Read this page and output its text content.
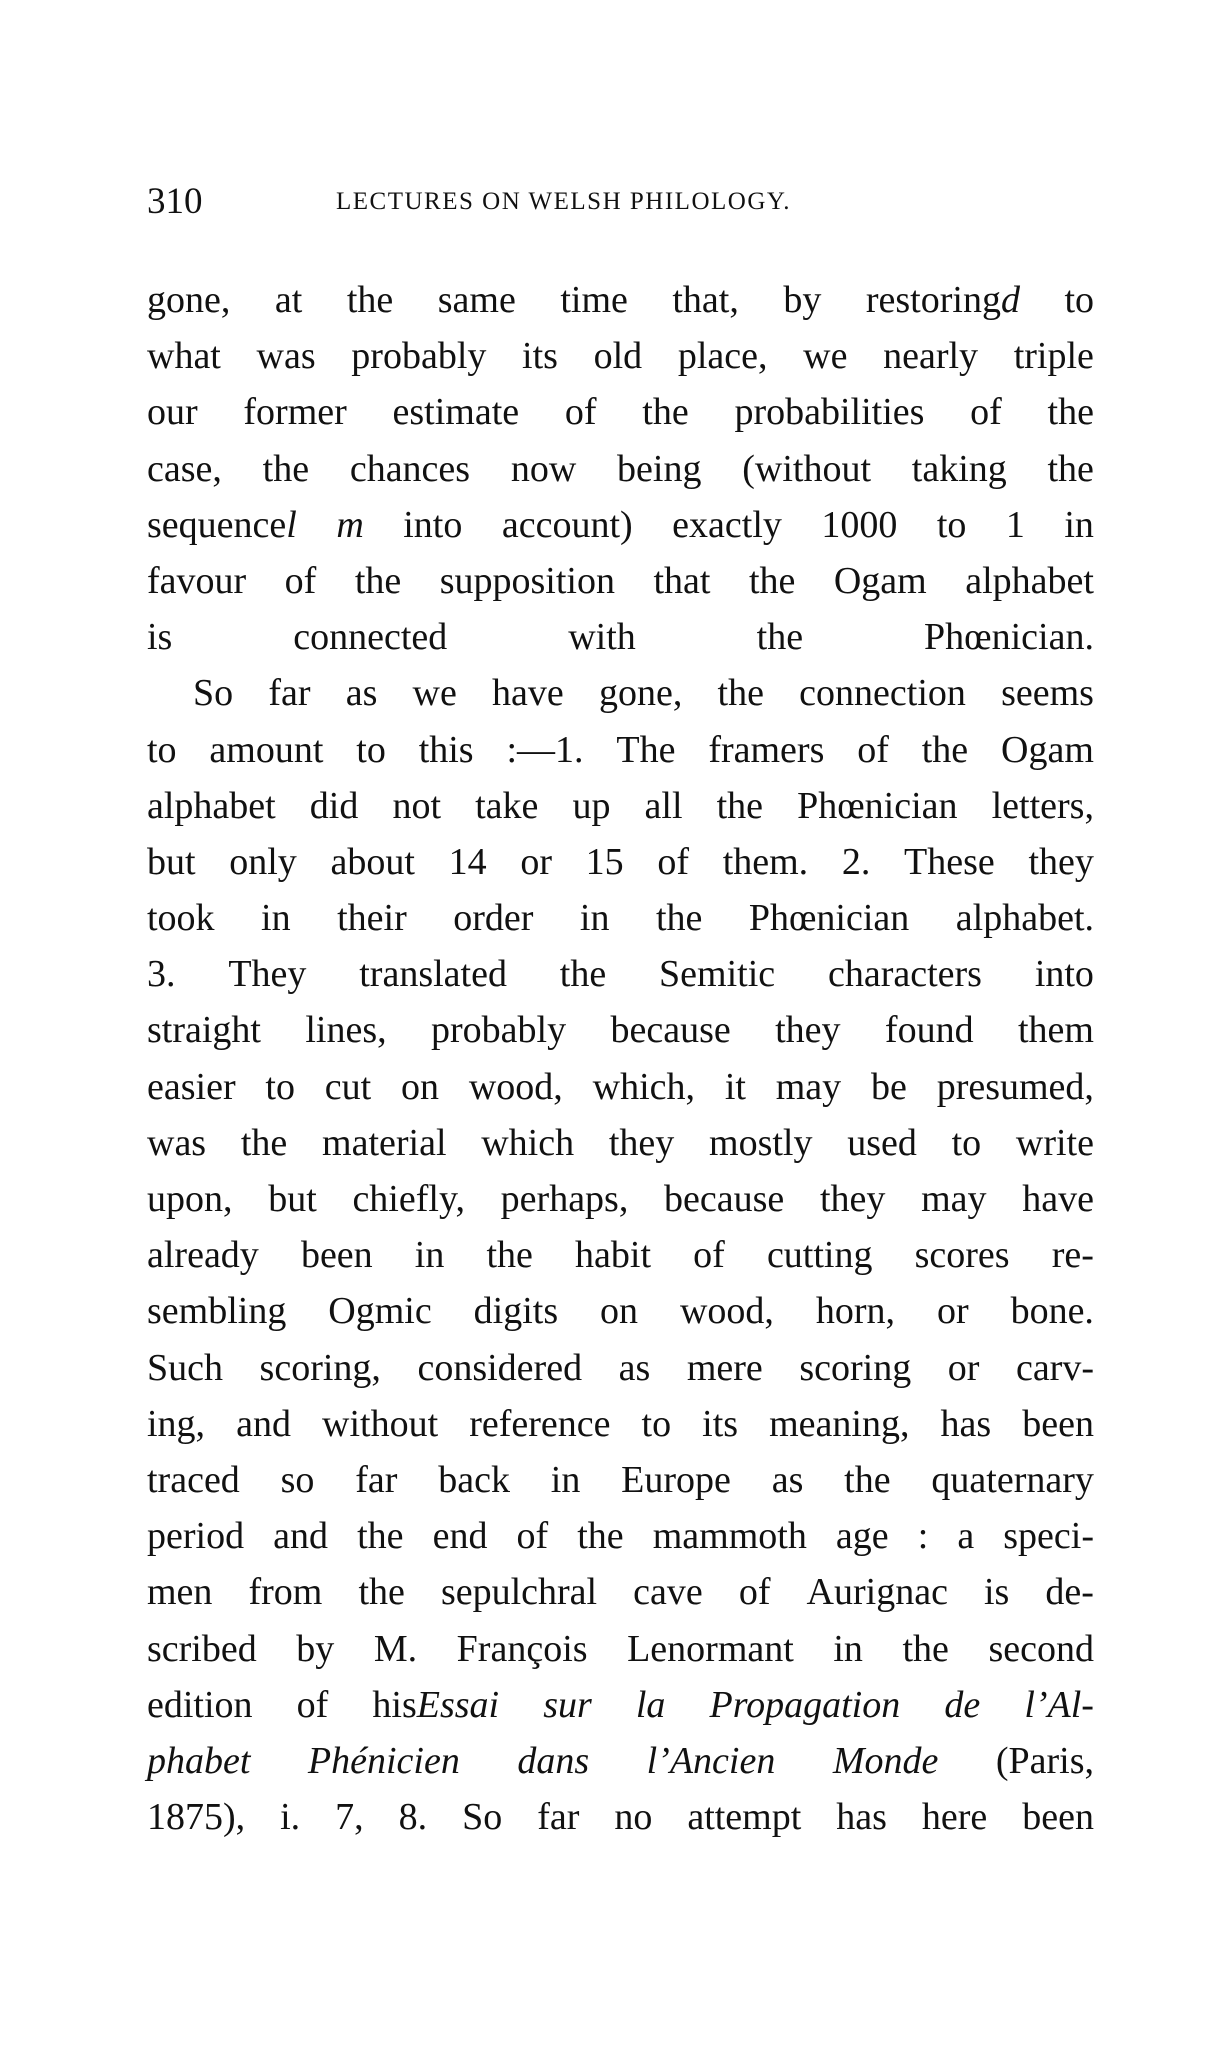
310	LECTURES ON WELSH PHILOLOGY.
gone, at the same time that, by restoringd to
what was probably its old place, we nearly triple
our former estimate of the probabilities of the
case, the chances now being (without taking the
sequencel m into account) exactly 1000 to 1 in
favour of the supposition that the Ogam alphabet
is	connected	with	the	Phœnician.
So far as we have gone, the connection seems
to amount to this :—1. The framers of the Ogam
alphabet did not take up all the Phœnician letters,
but only about 14 or 15 of them. 2. These they
took in their order in the Phœnician alphabet.
3. They translated the Semitic characters into
straight lines, probably because they found them
easier to cut on wood, which, it may be presumed,
was the material which they mostly used to write
upon, but chiefly, perhaps, because they may have
already been in the habit of cutting scores re-
sembling Ogmic digits on wood, horn, or bone.
Such scoring, considered as mere scoring or carv-
ing, and without reference to its meaning, has been
traced so far back in Europe as the quaternary
period and the end of the mammoth age : a speci-
men from the sepulchral cave of Aurignac is de-
scribed by M. François Lenormant in the second
edition of hisEssai sur la Propagation de l’Al-
phabet Phénicien dans l’Ancien Monde (Paris,
1875), i. 7, 8. So far no attempt has here been
